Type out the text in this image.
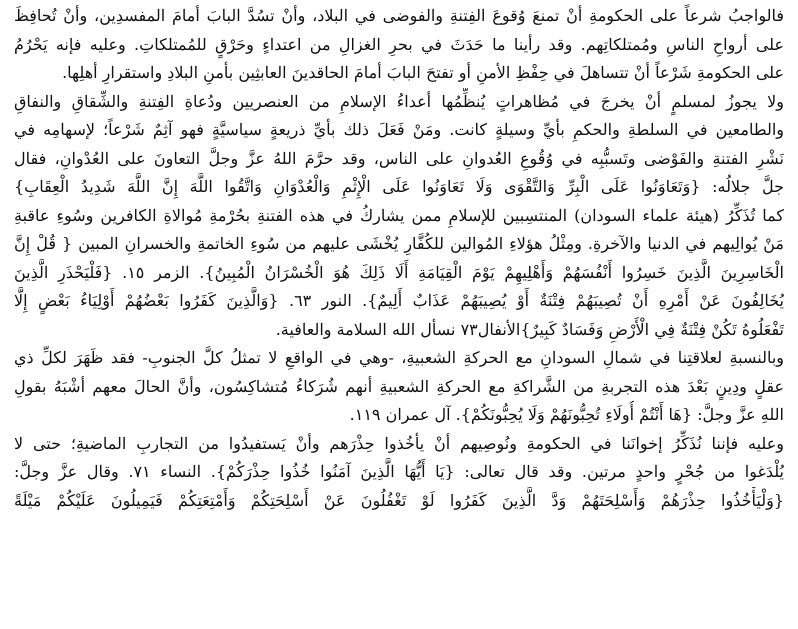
فالواجبُ شرعاً على الحكومةِ أنْ تمنعَ وُقوعَ الفِتنةِ والفوضى في البلاد، وأنْ تسُدَّ البابَ أمامَ المفسدِين، وأنْ تُحافِظَ
على أرواحِ الناسِ ومُمتلكاتِهم. وقد رأينا ما حَدَثَ في بحرِ الغزالِ من اعتداءٍ وحَرْقٍ للمُمتلكاتِ. وعليه فإنه يَحْرُمُ
على الحكومةِ شَرْعاً أنْ تتساهلَ في حِفْظِ الأمنِ أو تفتحَ البابَ أمامَ الحاقدينَ العابثِين بأمنِ البلادِ واستقرارِ أهلِها.
ولا يجوزُ لمسلمٍ أنْ يخرجَ في مُظاهراتٍ يُنظِّمُها أعداءُ الإسلامِ من العنصريين ودُعاةِ الفِتنةِ والشِّقاقِ والنفاقِ
والطامعين في السلطةِ والحكمِ بأيِّ وسيلةٍ كانت. ومَنْ فَعَلَ ذلك بأيِّ ذريعةٍ سياسيَّةٍ فهو آثِمٌ شَرْعاً؛ لإسهامِه في
نَشْرِ الفتنةِ والفَوْضى وتَسبُّبِه في وُقُوعِ العُدوانِ على الناس، وقد حرَّمَ اللهُ عزَّ وجلَّ التعاونَ على العُدْوانِ، فقال
جلَّ جلالُه: {وَتَعَاوَنُوا عَلَى الْبِرِّ وَالتَّقْوَى وَلَا تَعَاوَنُوا عَلَى الْإِثْمِ وَالْعُدْوَانِ وَاتَّقُوا اللَّهَ إِنَّ اللَّهَ شَدِيدُ الْعِقَابِ}
كما تُذَكِّرُ (هيئة علماء السودان) المنتسِبين للإسلامِ ممن يشاركُ في هذه الفتنةِ بحُرْمةِ مُوالاةِ الكافرين وسُوءِ عاقبةِ
مَنْ يُوالِيهم في الدنيا والآخرةِ. ومِثْلُ هؤلاءِ المُوالين للكُفَّارِ يُخْشَى عليهم من سُوءِ الخاتمةِ والخسرانِ المبين { قُلْ إِنَّ
الْخَاسِرِينَ الَّذِينَ خَسِرُوا أَنْفُسَهُمْ وَأَهْلِيهِمْ يَوْمَ الْقِيَامَةِ أَلَا ذَلِكَ هُوَ الْخُسْرَانُ الْمُبِينُ}. الزمر ١٥. {فَلْيَحْذَرِ الَّذِينَ
يُخَالِفُونَ عَنْ أَمْرِهِ أَنْ تُصِيبَهُمْ فِتْنَةٌ أَوْ يُصِيبَهُمْ عَذَابٌ أَلِيمٌ}. النور ٦٣. {وَالَّذِينَ كَفَرُوا بَعْضُهُمْ أَوْلِيَاءُ بَعْضٍ إِلَّا
تَفْعَلُوهُ تَكُنْ فِتْنَةٌ فِي الْأَرْضِ وَفَسَادٌ كَبِيرٌ}الأنفال٧٣ نسأل الله السلامة والعافية.
وبالنسبةِ لعلاقتِنا في شمالِ السودانِ مع الحركةِ الشعبيةِ، -وهي في الواقعِ لا تمثلُ كلَّ الجنوبِ- فقد ظَهَرَ لكلِّ ذي
عقلٍ ودِينٍ بَعْدَ هذه التجربةِ من الشَّراكةِ مع الحركةِ الشعبيةِ أنهم شُرَكاءُ مُتشاكِسُون، وأنَّ الحالَ معهم أشْبَهُ بقولِ
اللهِ عزَّ وجلَّ: {هَا أَنْتُمْ أُولَاءِ تُحِبُّونَهُمْ وَلَا يُحِبُّونَكُمْ}. آل عمران ١١٩.
وعليه فإننا نُذَكِّرُ إخوانَنا في الحكومةِ ونُوصِيهم أنْ يأخُذوا حِذْرَهم وأنْ يَستفيدُوا من التجاربِ الماضيةِ؛ حتى لا
يُلْدَغوا من جُحْرٍ واحدٍ مرتين. وقد قال تعالى: {يَا أَيُّهَا الَّذِينَ آمَنُوا خُذُوا حِذْرَكُمْ}. النساء ٧١. وقال عزَّ وجلَّ:
{وَلْيَأْخُذُوا حِذْرَهُمْ وَأَسْلِحَتَهُمْ وَدَّ الَّذِينَ كَفَرُوا لَوْ تَغْفُلُونَ عَنْ أَسْلِحَتِكُمْ وَأَمْتِعَتِكُمْ فَيَمِيلُونَ عَلَيْكُمْ مَيْلَةً
